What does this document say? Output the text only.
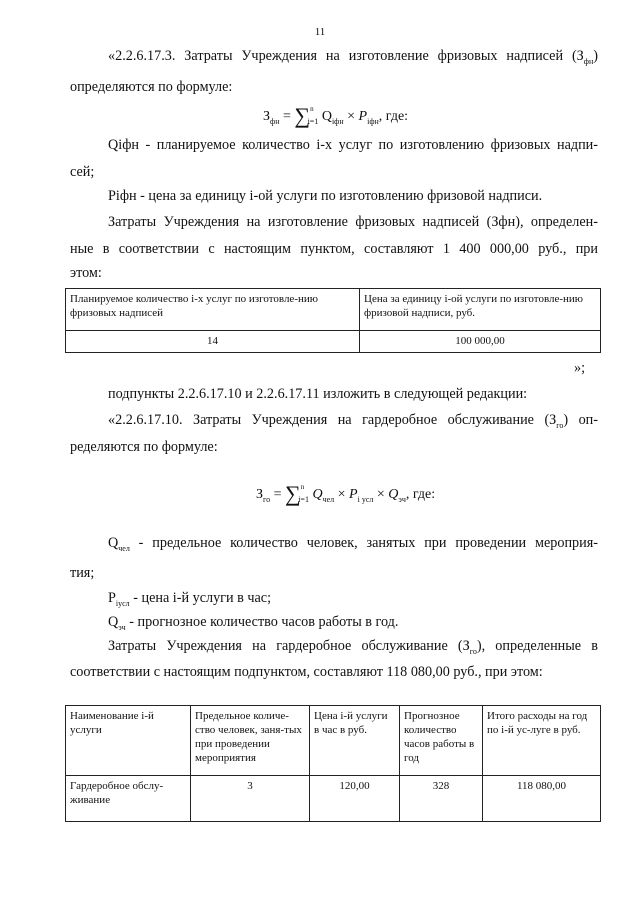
11
«2.2.6.17.3. Затраты Учреждения на изготовление фризовых надписей $(З_{фн})$
определяются по формуле:
$З_{фн} = \sum^n_{i=1}$ $Q_{iфн} \times P_{iфн}$, где:
Qiфн - планируемое количество i-х услуг по изготовлению фризовых надпи-
сей;
Piфн - цена за единицу i-ой услуги по изготовлению фризовой надписи.
Затраты Учреждения на изготовление фризовых надписей (Зфн), определен-
ные в соответствии с настоящим пунктом, составляют 1 400 000,00 руб., при
этом:
Планируемое количество i-х услуг по изготовле-нию фризовых надписей	Цена за единицу i-ой услуги по изготовле-нию фризовой надписи, руб.
14	100 000,00
»;
подпункты 2.2.6.17.10 и 2.2.6.17.11 изложить в следующей редакции:
«2.2.6.17.10. Затраты Учреждения на гардеробное обслуживание $(З_{го})$ оп-
ределяются по формуле:
$З_{го} = \sum^n_{i=1}$ $Q_{чел} \times P_{i усл} \times Q_{эч}$, где:
$Q_{чел}$ - предельное количество человек, занятых при проведении мероприя-
тия;
$P_{iусл}$ - цена i-й услуги в час;
$Q_{эч}$ - прогнозное количество часов работы в год.
Затраты Учреждения на гардеробное обслуживание $(З_{го})$, определенные в
соответствии с настоящим подпунктом, составляют 118 080,00 руб., при этом:
Наименование i-й услуги	Предельное количе-ство человек, заня-тых при проведении мероприятия	Цена i-й услуги в час в руб.	Прогнозное количество часов работы в год	Итого расходы на год по i-й ус-луге в руб.
Гардеробное обслу-живание	3	120,00	328	118 080,00
